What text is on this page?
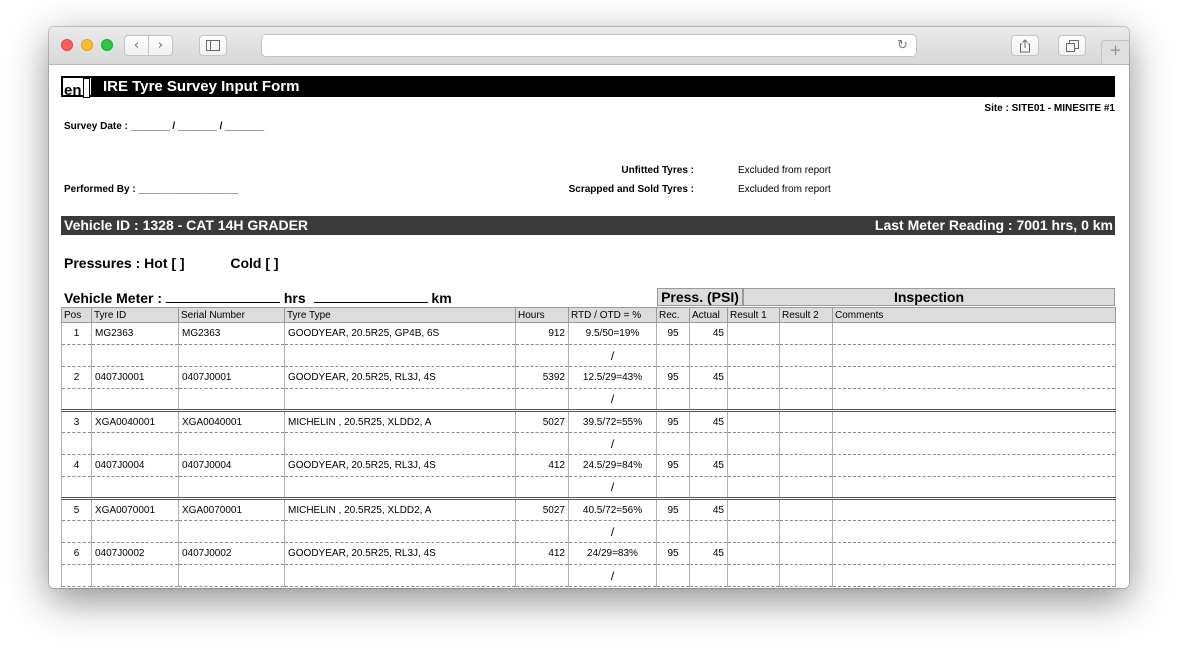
‹	›	↻	+
en	IRE Tyre Survey Input Form
Site : SITE01 - MINESITE #1
Survey Date : _______ / _______ / _______
Unfitted Tyres :	Excluded from report
Performed By : __________________	Scrapped and Sold Tyres :	Excluded from report
Vehicle ID : 1328 - CAT 14H GRADER	Last Meter Reading : 7001 hrs, 0 km
Pressures : Hot [ ]	Cold [ ]
Vehicle Meter :	hrs	km	Press. (PSI)	Inspection
Pos	Tyre ID	Serial Number	Tyre Type	Hours	RTD / OTD = %	Rec.	Actual	Result 1	Result 2	Comments
1	MG2363	MG2363	GOODYEAR, 20.5R25, GP4B, 6S	912	9.5/50=19%	95	45			
					/					
2	0407J0001	0407J0001	GOODYEAR, 20.5R25, RL3J, 4S	5392	12.5/29=43%	95	45			
					/					
3	XGA0040001	XGA0040001	MICHELIN , 20.5R25, XLDD2, A	5027	39.5/72=55%	95	45			
					/					
4	0407J0004	0407J0004	GOODYEAR, 20.5R25, RL3J, 4S	412	24.5/29=84%	95	45			
					/					
5	XGA0070001	XGA0070001	MICHELIN , 20.5R25, XLDD2, A	5027	40.5/72=56%	95	45			
					/					
6	0407J0002	0407J0002	GOODYEAR, 20.5R25, RL3J, 4S	412	24/29=83%	95	45			
					/					
